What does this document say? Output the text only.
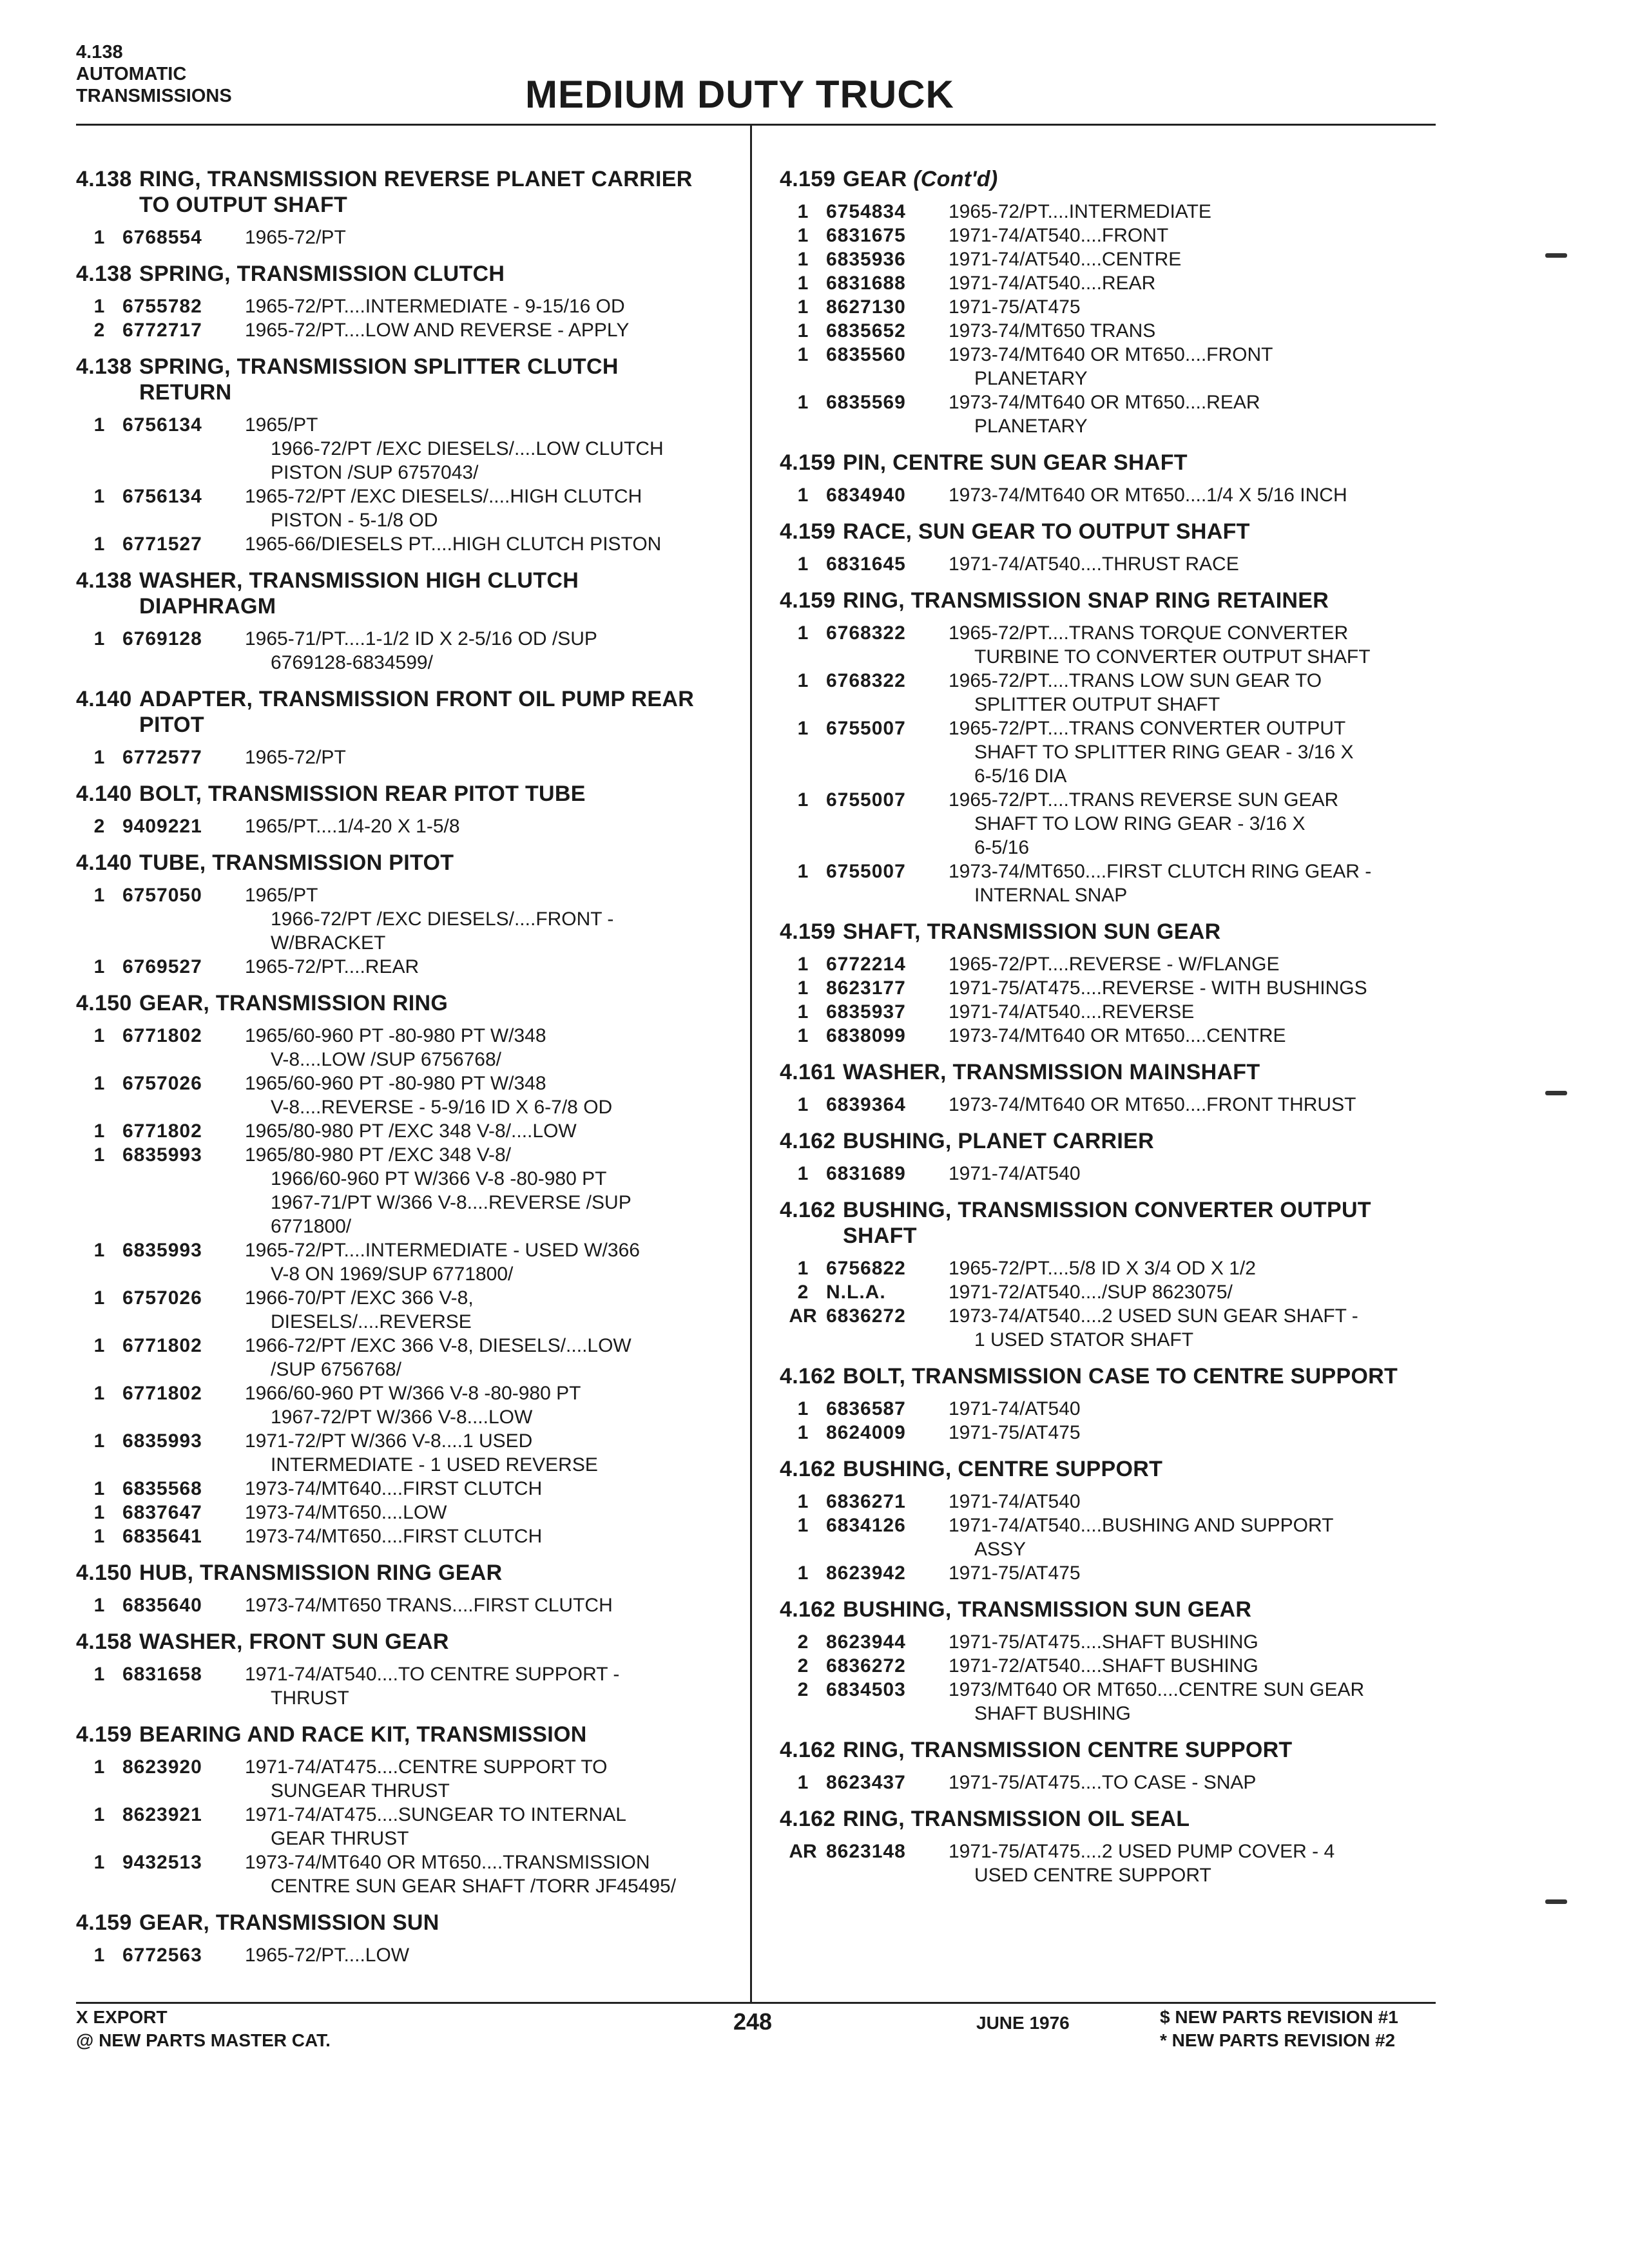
4.138
AUTOMATIC
TRANSMISSIONS	MEDIUM DUTY TRUCK
4.138 RING, TRANSMISSION REVERSE PLANET CARRIER
TO OUTPUT SHAFT
1 6768554	1965-72/PT
4.138 SPRING, TRANSMISSION CLUTCH
1 6755782	1965-72/PT....INTERMEDIATE - 9-15/16 OD
2 6772717	1965-72/PT....LOW AND REVERSE - APPLY
4.138 SPRING, TRANSMISSION SPLITTER CLUTCH
RETURN
1 6756134	1965/PT
1966-72/PT /EXC DIESELS/....LOW CLUTCH
PISTON /SUP 6757043/
1 6756134	1965-72/PT /EXC DIESELS/....HIGH CLUTCH
PISTON - 5-1/8 OD
1 6771527	1965-66/DIESELS PT....HIGH CLUTCH PISTON
4.138 WASHER, TRANSMISSION HIGH CLUTCH
DIAPHRAGM
1 6769128	1965-71/PT....1-1/2 ID X 2-5/16 OD /SUP
6769128-6834599/
4.140 ADAPTER, TRANSMISSION FRONT OIL PUMP REAR
PITOT
1 6772577	1965-72/PT
4.140 BOLT, TRANSMISSION REAR PITOT TUBE
2 9409221	1965/PT....1/4-20 X 1-5/8
4.140 TUBE, TRANSMISSION PITOT
1 6757050	1965/PT
1966-72/PT /EXC DIESELS/....FRONT -
W/BRACKET
1 6769527	1965-72/PT....REAR
4.150 GEAR, TRANSMISSION RING
1 6771802	1965/60-960 PT -80-980 PT W/348
V-8....LOW /SUP 6756768/
1 6757026	1965/60-960 PT -80-980 PT W/348
V-8....REVERSE - 5-9/16 ID X 6-7/8 OD
1 6771802	1965/80-980 PT /EXC 348 V-8/....LOW
1 6835993	1965/80-980 PT /EXC 348 V-8/
1966/60-960 PT W/366 V-8 -80-980 PT
1967-71/PT W/366 V-8....REVERSE /SUP
6771800/
1 6835993	1965-72/PT....INTERMEDIATE - USED W/366
V-8 ON 1969/SUP 6771800/
1 6757026	1966-70/PT /EXC 366 V-8,
DIESELS/....REVERSE
1 6771802	1966-72/PT /EXC 366 V-8, DIESELS/....LOW
/SUP 6756768/
1 6771802	1966/60-960 PT W/366 V-8 -80-980 PT
1967-72/PT W/366 V-8....LOW
1 6835993	1971-72/PT W/366 V-8....1 USED
INTERMEDIATE - 1 USED REVERSE
1 6835568	1973-74/MT640....FIRST CLUTCH
1 6837647	1973-74/MT650....LOW
1 6835641	1973-74/MT650....FIRST CLUTCH
4.150 HUB, TRANSMISSION RING GEAR
1 6835640	1973-74/MT650 TRANS....FIRST CLUTCH
4.158 WASHER, FRONT SUN GEAR
1 6831658	1971-74/AT540....TO CENTRE SUPPORT -
THRUST
4.159 BEARING AND RACE KIT, TRANSMISSION
1 8623920	1971-74/AT475....CENTRE SUPPORT TO
SUNGEAR THRUST
1 8623921	1971-74/AT475....SUNGEAR TO INTERNAL
GEAR THRUST
1 9432513	1973-74/MT640 OR MT650....TRANSMISSION
CENTRE SUN GEAR SHAFT /TORR JF45495/
4.159 GEAR, TRANSMISSION SUN
1 6772563	1965-72/PT....LOW
4.159 GEAR
(Cont'd)
1 6754834	1965-72/PT....INTERMEDIATE
1 6831675	1971-74/AT540....FRONT
1 6835936	1971-74/AT540....CENTRE
1 6831688	1971-74/AT540....REAR
1 8627130	1971-75/AT475
1 6835652	1973-74/MT650 TRANS
1 6835560	1973-74/MT640 OR MT650....FRONT
PLANETARY
1 6835569	1973-74/MT640 OR MT650....REAR
PLANETARY
4.159 PIN, CENTRE SUN GEAR SHAFT
1 6834940	1973-74/MT640 OR MT650....1/4 X 5/16 INCH
4.159 RACE, SUN GEAR TO OUTPUT SHAFT
1 6831645	1971-74/AT540....THRUST RACE
4.159 RING, TRANSMISSION SNAP RING RETAINER
1 6768322	1965-72/PT....TRANS TORQUE CONVERTER
TURBINE TO CONVERTER OUTPUT SHAFT
1 6768322	1965-72/PT....TRANS LOW SUN GEAR TO
SPLITTER OUTPUT SHAFT
1 6755007	1965-72/PT....TRANS CONVERTER OUTPUT
SHAFT TO SPLITTER RING GEAR - 3/16 X
6-5/16 DIA
1 6755007	1965-72/PT....TRANS REVERSE SUN GEAR
SHAFT TO LOW RING GEAR - 3/16 X
6-5/16
1 6755007	1973-74/MT650....FIRST CLUTCH RING GEAR -
INTERNAL SNAP
4.159 SHAFT, TRANSMISSION SUN GEAR
1 6772214	1965-72/PT....REVERSE - W/FLANGE
1 8623177	1971-75/AT475....REVERSE - WITH BUSHINGS
1 6835937	1971-74/AT540....REVERSE
1 6838099	1973-74/MT640 OR MT650....CENTRE
4.161 WASHER, TRANSMISSION MAINSHAFT
1 6839364	1973-74/MT640 OR MT650....FRONT THRUST
4.162 BUSHING, PLANET CARRIER
1 6831689	1971-74/AT540
4.162 BUSHING, TRANSMISSION CONVERTER OUTPUT
SHAFT
1 6756822	1965-72/PT....5/8 ID X 3/4 OD X 1/2
2 N.L.A.	1971-72/AT540..../SUP 8623075/
AR 6836272	1973-74/AT540....2 USED SUN GEAR SHAFT -
1 USED STATOR SHAFT
4.162 BOLT, TRANSMISSION CASE TO CENTRE SUPPORT
1 6836587	1971-74/AT540
1 8624009	1971-75/AT475
4.162 BUSHING, CENTRE SUPPORT
1 6836271	1971-74/AT540
1 6834126	1971-74/AT540....BUSHING AND SUPPORT
ASSY
1 8623942	1971-75/AT475
4.162 BUSHING, TRANSMISSION SUN GEAR
2 8623944	1971-75/AT475....SHAFT BUSHING
2 6836272	1971-72/AT540....SHAFT BUSHING
2 6834503	1973/MT640 OR MT650....CENTRE SUN GEAR
SHAFT BUSHING
4.162 RING, TRANSMISSION CENTRE SUPPORT
1 8623437	1971-75/AT475....TO CASE - SNAP
4.162 RING, TRANSMISSION OIL SEAL
AR 8623148	1971-75/AT475....2 USED PUMP COVER - 4
USED CENTRE SUPPORT
X EXPORT
@ NEW PARTS MASTER CAT.
248	JUNE 1976	$ NEW PARTS REVISION #1
* NEW PARTS REVISION #2
